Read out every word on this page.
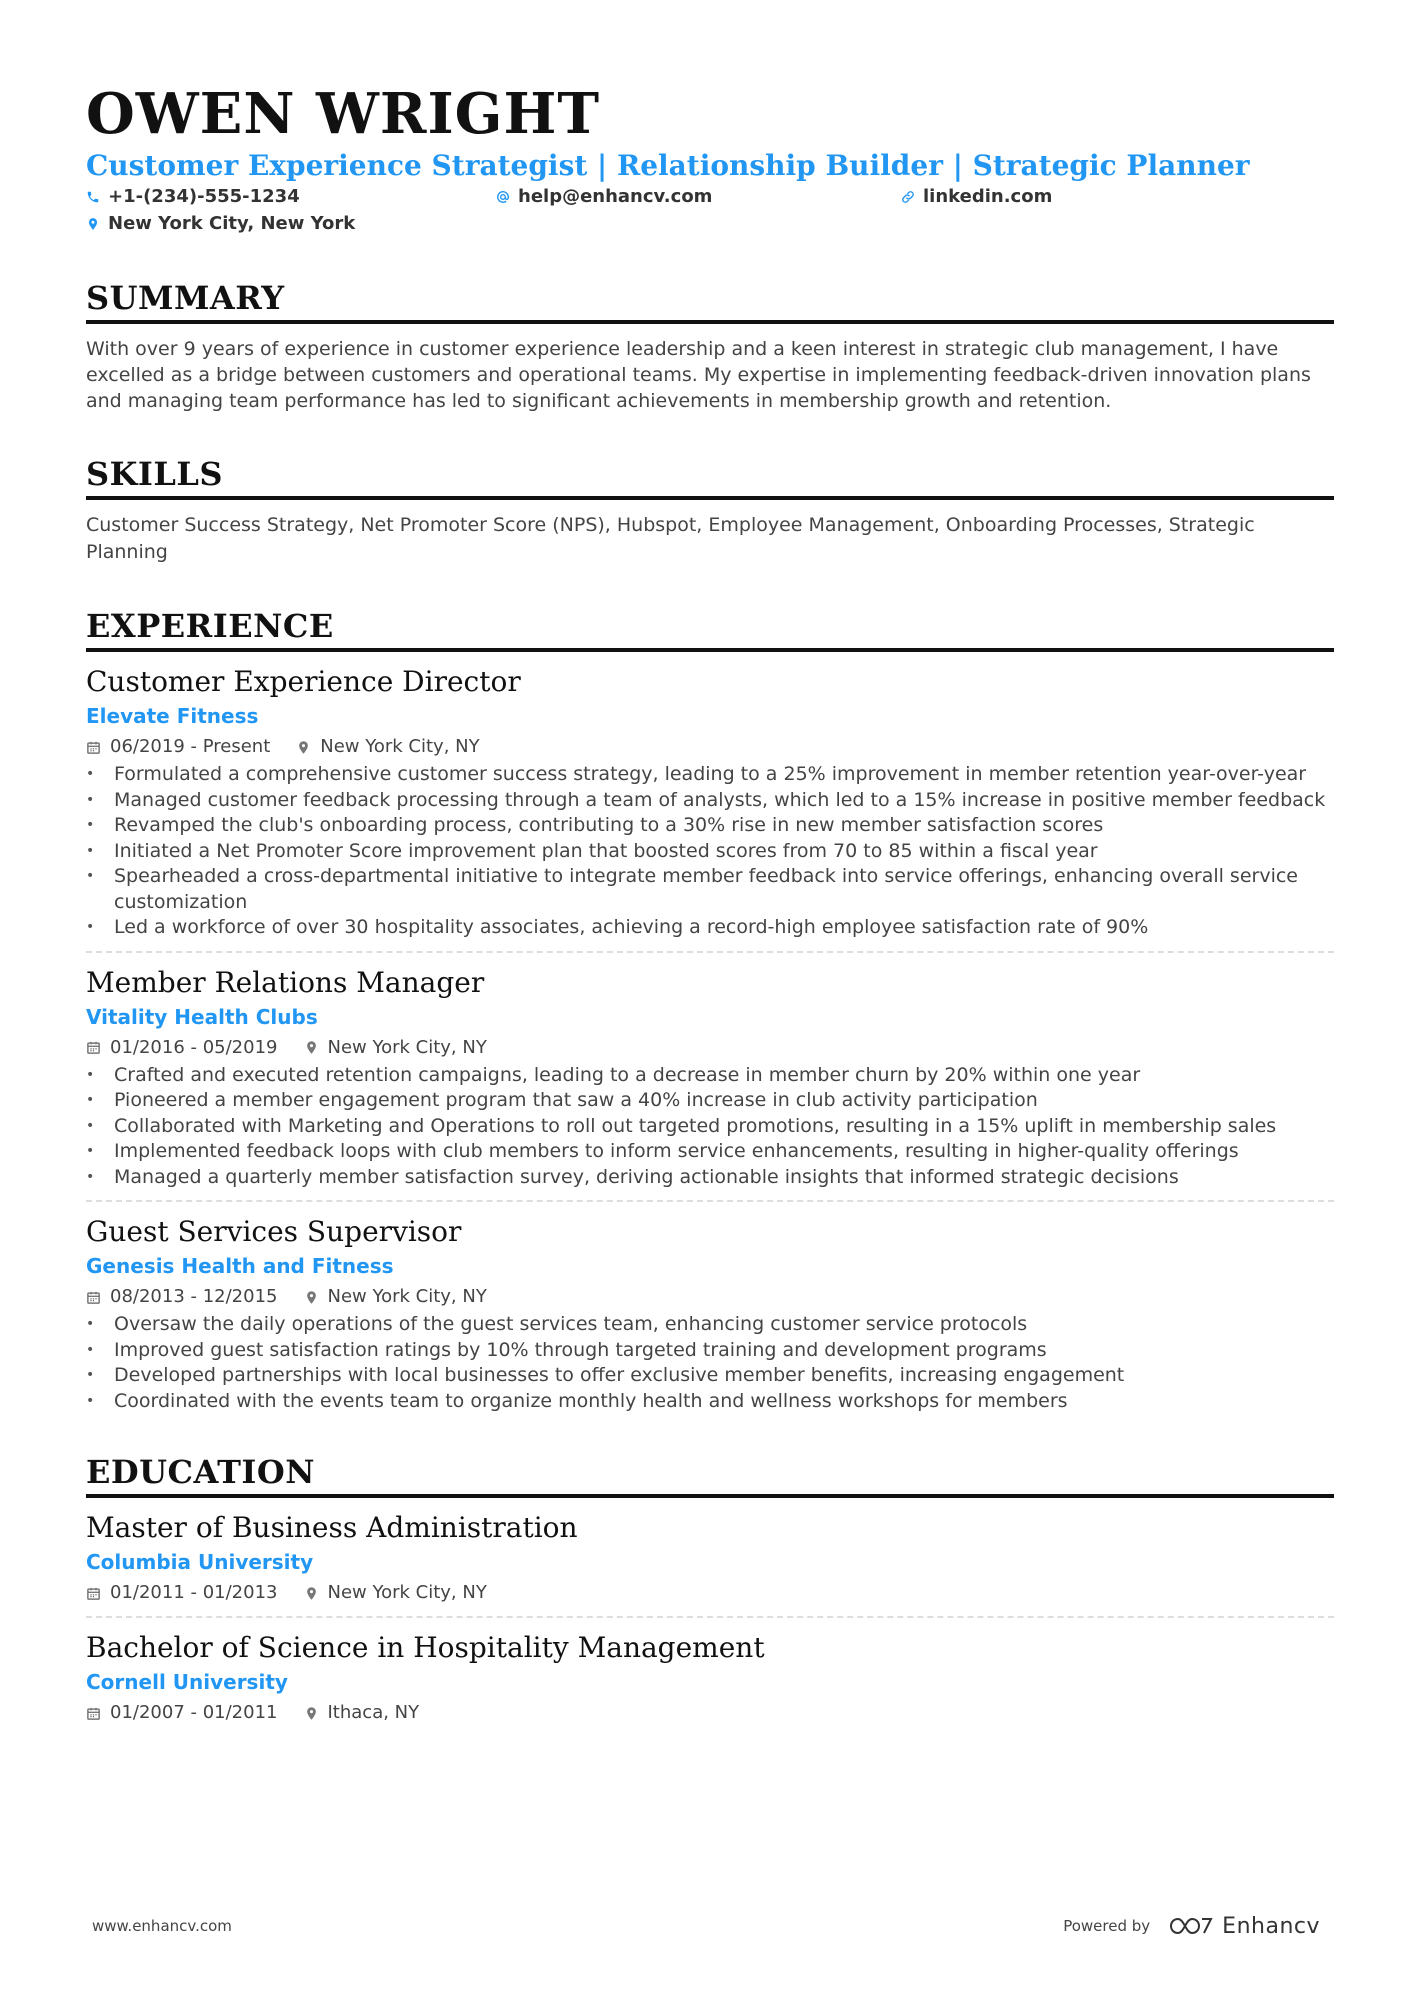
OWEN WRIGHT
Customer Experience Strategist | Relationship Builder | Strategic Planner
+1-(234)-555-1234	help@enhancv.com	linkedin.com
New York City, New York
SUMMARY
With over 9 years of experience in customer experience leadership and a keen interest in strategic club management, I have excelled as a bridge between customers and operational teams. My expertise in implementing feedback-driven innovation plans and managing team performance has led to significant achievements in membership growth and retention.
SKILLS
Customer Success Strategy, Net Promoter Score (NPS), Hubspot, Employee Management, Onboarding Processes, Strategic Planning
EXPERIENCE
Customer Experience Director
Elevate Fitness
06/2019 - Present	New York City, NY
• Formulated a comprehensive customer success strategy, leading to a 25% improvement in member retention year-over-year
• Managed customer feedback processing through a team of analysts, which led to a 15% increase in positive member feedback
• Revamped the club's onboarding process, contributing to a 30% rise in new member satisfaction scores
• Initiated a Net Promoter Score improvement plan that boosted scores from 70 to 85 within a fiscal year
• Spearheaded a cross-departmental initiative to integrate member feedback into service offerings, enhancing overall service customization
• Led a workforce of over 30 hospitality associates, achieving a record-high employee satisfaction rate of 90%
Member Relations Manager
Vitality Health Clubs
01/2016 - 05/2019	New York City, NY
• Crafted and executed retention campaigns, leading to a decrease in member churn by 20% within one year
• Pioneered a member engagement program that saw a 40% increase in club activity participation
• Collaborated with Marketing and Operations to roll out targeted promotions, resulting in a 15% uplift in membership sales
• Implemented feedback loops with club members to inform service enhancements, resulting in higher-quality offerings
• Managed a quarterly member satisfaction survey, deriving actionable insights that informed strategic decisions
Guest Services Supervisor
Genesis Health and Fitness
08/2013 - 12/2015	New York City, NY
• Oversaw the daily operations of the guest services team, enhancing customer service protocols
• Improved guest satisfaction ratings by 10% through targeted training and development programs
• Developed partnerships with local businesses to offer exclusive member benefits, increasing engagement
• Coordinated with the events team to organize monthly health and wellness workshops for members
EDUCATION
Master of Business Administration
Columbia University
01/2011 - 01/2013	New York City, NY
Bachelor of Science in Hospitality Management
Cornell University
01/2007 - 01/2011	Ithaca, NY
www.enhancv.com	Powered by	Enhancv
